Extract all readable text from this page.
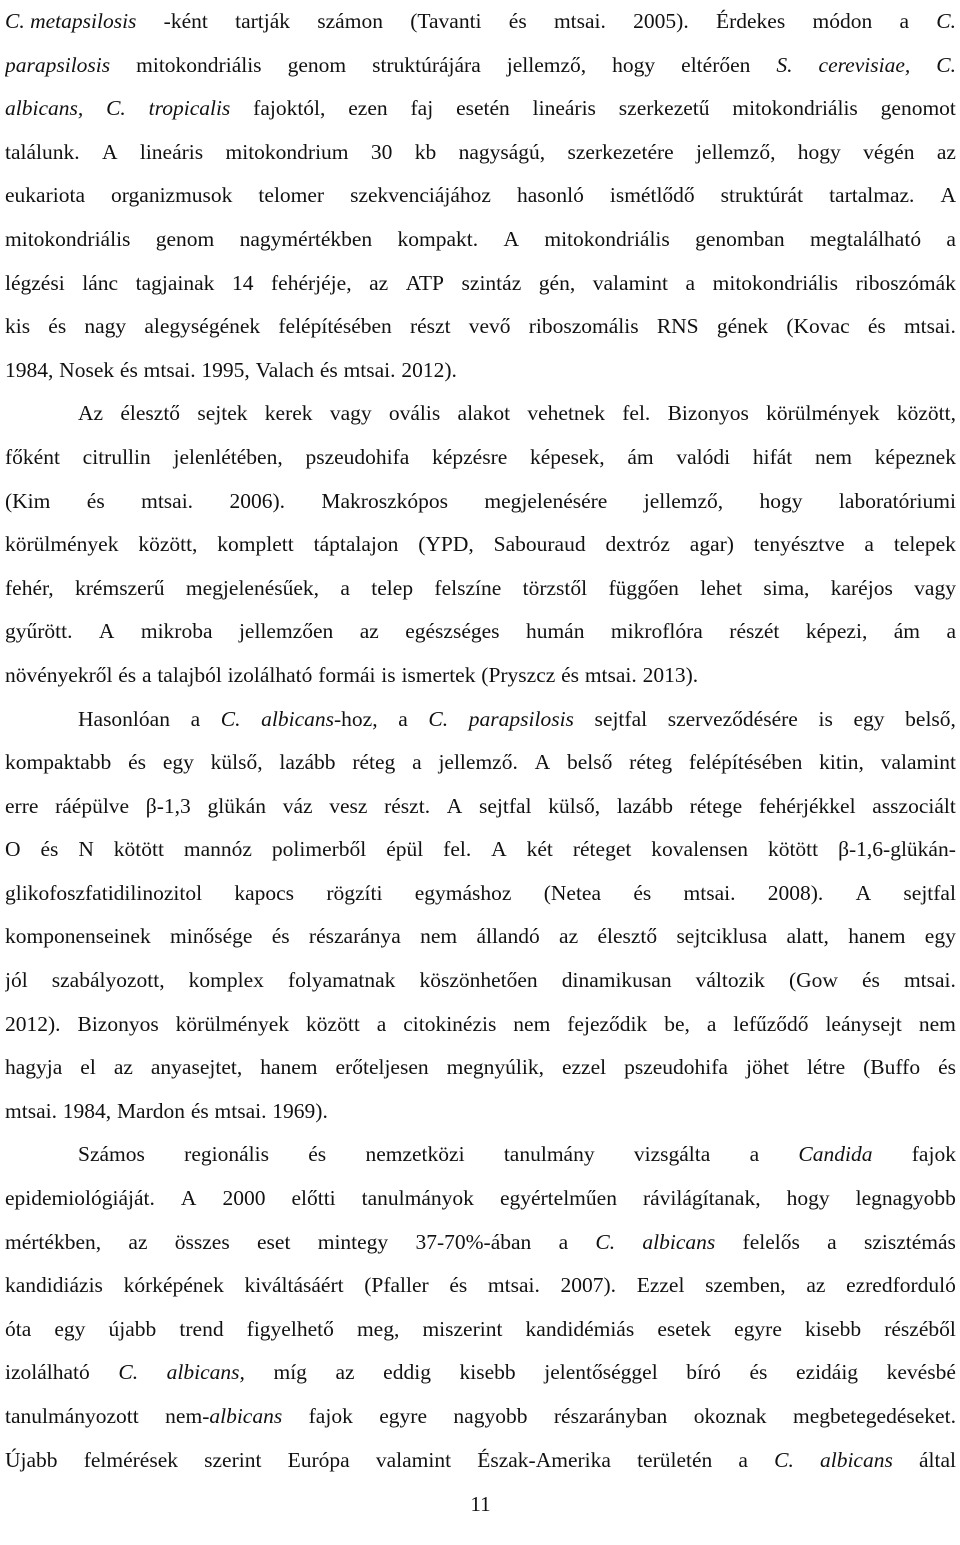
C. metapsilosis -ként tartják számon (Tavanti és mtsai. 2005). Érdekes módon a C.
parapsilosis mitokondriális genom struktúrájára jellemző, hogy eltérően S. cerevisiae, C.
albicans, C. tropicalis fajoktól, ezen faj esetén lineáris szerkezetű mitokondriális genomot
találunk. A lineáris mitokondrium 30 kb nagyságú, szerkezetére jellemző, hogy végén az
eukariota organizmusok telomer szekvenciájához hasonló ismétlődő struktúrát tartalmaz. A
mitokondriális genom nagymértékben kompakt. A mitokondriális genomban megtalálható a
légzési lánc tagjainak 14 fehérjéje, az ATP szintáz gén, valamint a mitokondriális riboszómák
kis és nagy alegységének felépítésében részt vevő riboszomális RNS gének (Kovac és mtsai.
1984, Nosek és mtsai. 1995, Valach és mtsai. 2012).
Az élesztő sejtek kerek vagy ovális alakot vehetnek fel. Bizonyos körülmények között,
főként citrullin jelenlétében, pszeudohifa képzésre képesek, ám valódi hifát nem képeznek
(Kim és mtsai. 2006). Makroszkópos megjelenésére jellemző, hogy laboratóriumi
körülmények között, komplett táptalajon (YPD, Sabouraud dextróz agar) tenyésztve a telepek
fehér, krémszerű megjelenésűek, a telep felszíne törzstől függően lehet sima, karéjos vagy
gyűrött. A mikroba jellemzően az egészséges humán mikroflóra részét képezi, ám a
növényekről és a talajból izolálható formái is ismertek (Pryszcz és mtsai. 2013).
Hasonlóan a C. albicans-hoz, a C. parapsilosis sejtfal szerveződésére is egy belső,
kompaktabb és egy külső, lazább réteg a jellemző. A belső réteg felépítésében kitin, valamint
erre ráépülve β-1,3 glükán váz vesz részt. A sejtfal külső, lazább rétege fehérjékkel asszociált
O és N kötött mannóz polimerből épül fel. A két réteget kovalensen kötött β-1,6-glükán-
glikofoszfatidilinozitol kapocs rögzíti egymáshoz (Netea és mtsai. 2008). A sejtfal
komponenseinek minősége és részaránya nem állandó az élesztő sejtciklusa alatt, hanem egy
jól szabályozott, komplex folyamatnak köszönhetően dinamikusan változik (Gow és mtsai.
2012). Bizonyos körülmények között a citokinézis nem fejeződik be, a lefűződő leánysejt nem
hagyja el az anyasejtet, hanem erőteljesen megnyúlik, ezzel pszeudohifa jöhet létre (Buffo és
mtsai. 1984, Mardon és mtsai. 1969).
Számos regionális és nemzetközi tanulmány vizsgálta a Candida fajok
epidemiológiáját. A 2000 előtti tanulmányok egyértelműen rávilágítanak, hogy legnagyobb
mértékben, az összes eset mintegy 37-70%-ában a C. albicans felelős a szisztémás
kandidiázis kórképének kiváltásáért (Pfaller és mtsai. 2007). Ezzel szemben, az ezredforduló
óta egy újabb trend figyelhető meg, miszerint kandidémiás esetek egyre kisebb részéből
izolálható C. albicans, míg az eddig kisebb jelentőséggel bíró és ezidáig kevésbé
tanulmányozott nem-albicans fajok egyre nagyobb részarányban okoznak megbetegedéseket.
Újabb felmérések szerint Európa valamint Észak-Amerika területén a C. albicans által
11
